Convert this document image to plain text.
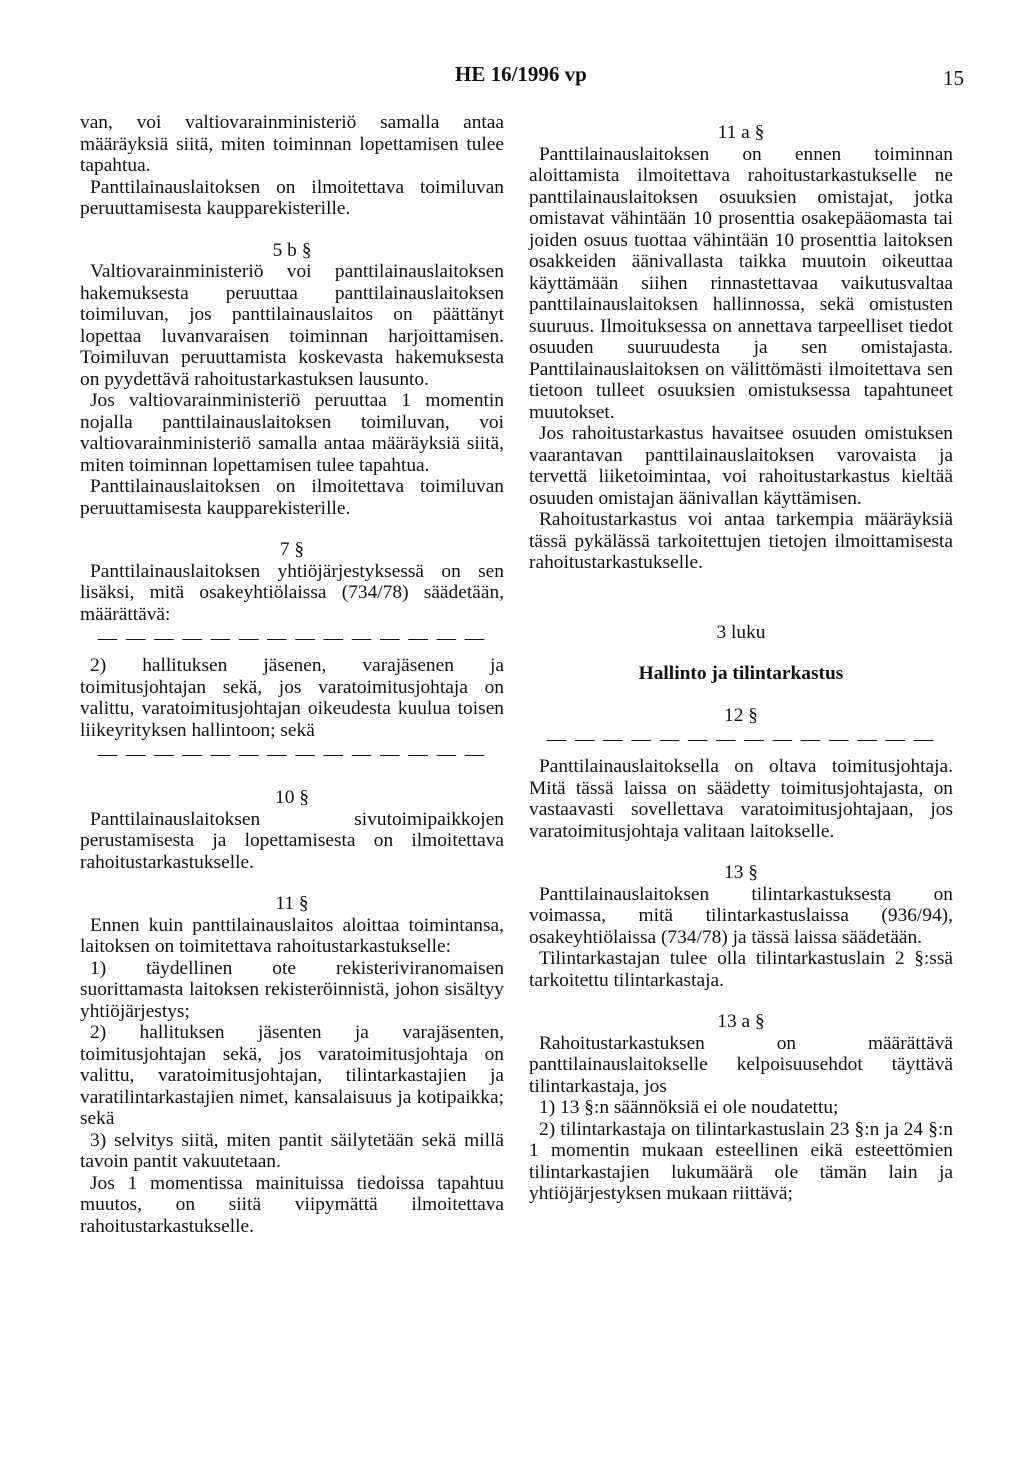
HE 16/1996 vp	15

van, voi valtiovarainministeriö samalla antaa määräyksiä siitä, miten toiminnan lopettamisen tulee tapahtua.

Panttilainauslaitoksen on ilmoitettava toimiluvan peruuttamisesta kaupparekisterille.

5 b §

Valtiovarainministeriö voi panttilainauslaitoksen hakemuksesta peruuttaa panttilainauslaitoksen toimiluvan, jos panttilainauslaitos on päättänyt lopettaa luvanvaraisen toiminnan harjoittamisen. Toimiluvan peruuttamista koskevasta hakemuksesta on pyydettävä rahoitustarkastuksen lausunto.

Jos valtiovarainministeriö peruuttaa 1 momentin nojalla panttilainauslaitoksen toimiluvan, voi valtiovarainministeriö samalla antaa määräyksiä siitä, miten toiminnan lopettamisen tulee tapahtua.

Panttilainauslaitoksen on ilmoitettava toimiluvan peruuttamisesta kaupparekisterille.

7 §

Panttilainauslaitoksen yhtiöjärjestyksessä on sen lisäksi, mitä osakeyhtiölaissa (734/78) säädetään, määrättävä:

— — — — — — — — — — — — — —

2) hallituksen jäsenen, varajäsenen ja toimitusjohtajan sekä, jos varatoimitusjohtaja on valittu, varatoimitusjohtajan oikeudesta kuulua toisen liikeyrityksen hallintoon; sekä

— — — — — — — — — — — — — —

10 §

Panttilainauslaitoksen sivutoimipaikkojen perustamisesta ja lopettamisesta on ilmoitettava rahoitustarkastukselle.

11 §

Ennen kuin panttilainauslaitos aloittaa toimintansa, laitoksen on toimitettava rahoitustarkastukselle:

1) täydellinen ote rekisteriviranomaisen suorittamasta laitoksen rekisteröinnistä, johon sisältyy yhtiöjärjestys;

2) hallituksen jäsenten ja varajäsenten, toimitusjohtajan sekä, jos varatoimitusjohtaja on valittu, varatoimitusjohtajan, tilintarkastajien ja varatilintarkastajien nimet, kansalaisuus ja kotipaikka; sekä

3) selvitys siitä, miten pantit säilytetään sekä millä tavoin pantit vakuutetaan.

Jos 1 momentissa mainituissa tiedoissa tapahtuu muutos, on siitä viipymättä ilmoitettava rahoitustarkastukselle.

11 a §

Panttilainauslaitoksen on ennen toiminnan aloittamista ilmoitettava rahoitustarkastukselle ne panttilainauslaitoksen osuuksien omistajat, jotka omistavat vähintään 10 prosenttia osakepääomasta tai joiden osuus tuottaa vähintään 10 prosenttia laitoksen osakkeiden äänivallasta taikka muutoin oikeuttaa käyttämään siihen rinnastettavaa vaikutusvaltaa panttilainauslaitoksen hallinnossa, sekä omistusten suuruus. Ilmoituksessa on annettava tarpeelliset tiedot osuuden suuruudesta ja sen omistajasta. Panttilainauslaitoksen on välittömästi ilmoitettava sen tietoon tulleet osuuksien omistuksessa tapahtuneet muutokset.

Jos rahoitustarkastus havaitsee osuuden omistuksen vaarantavan panttilainauslaitoksen varovaista ja tervettä liiketoimintaa, voi rahoitustarkastus kieltää osuuden omistajan äänivallan käyttämisen.

Rahoitustarkastus voi antaa tarkempia määräyksiä tässä pykälässä tarkoitettujen tietojen ilmoittamisesta rahoitustarkastukselle.

3 luku

Hallinto ja tilintarkastus

12 §

— — — — — — — — — — — — — —

Panttilainauslaitoksella on oltava toimitusjohtaja. Mitä tässä laissa on säädetty toimitusjohtajasta, on vastaavasti sovellettava varatoimitusjohtajaan, jos varatoimitusjohtaja valitaan laitokselle.

13 §

Panttilainauslaitoksen tilintarkastuksesta on voimassa, mitä tilintarkastuslaissa (936/94), osakeyhtiölaissa (734/78) ja tässä laissa säädetään.

Tilintarkastajan tulee olla tilintarkastuslain 2 §:ssä tarkoitettu tilintarkastaja.

13 a §

Rahoitustarkastuksen on määrättävä panttilainauslaitokselle kelpoisuusehdot täyttävä tilintarkastaja, jos

1) 13 §:n säännöksiä ei ole noudatettu;

2) tilintarkastaja on tilintarkastuslain 23 §:n ja 24 §:n 1 momentin mukaan esteellinen eikä esteettömien tilintarkastajien lukumäärä ole tämän lain ja yhtiöjärjestyksen mukaan riittävä;
